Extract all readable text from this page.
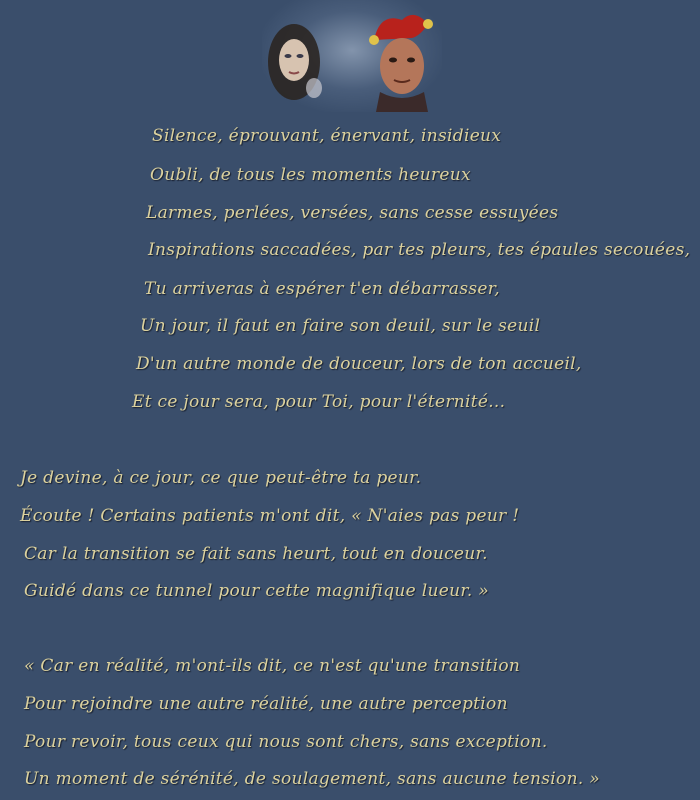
Silence, éprouvant, énervant, insidieux
Oubli, de tous les moments heureux
Larmes, perlées, versées, sans cesse essuyées
Inspirations saccadées, par tes pleurs, tes épaules secouées,
Tu arriveras à espérer t'en débarrasser,
Un jour, il faut en faire son deuil, sur le seuil
D'un autre monde de douceur, lors de ton accueil,
Et ce jour sera, pour Toi, pour l'éternité...
Je devine, à ce jour, ce que peut-être ta peur.
Écoute ! Certains patients m'ont dit, « N'aies pas peur !
Car la transition se fait sans heurt, tout en douceur.
Guidé dans ce tunnel pour cette magnifique lueur. »
« Car en réalité, m'ont-ils dit, ce n'est qu'une transition
Pour rejoindre une autre réalité, une autre perception
Pour revoir, tous ceux qui nous sont chers, sans exception.
Un moment de sérénité, de soulagement, sans aucune tension. »
